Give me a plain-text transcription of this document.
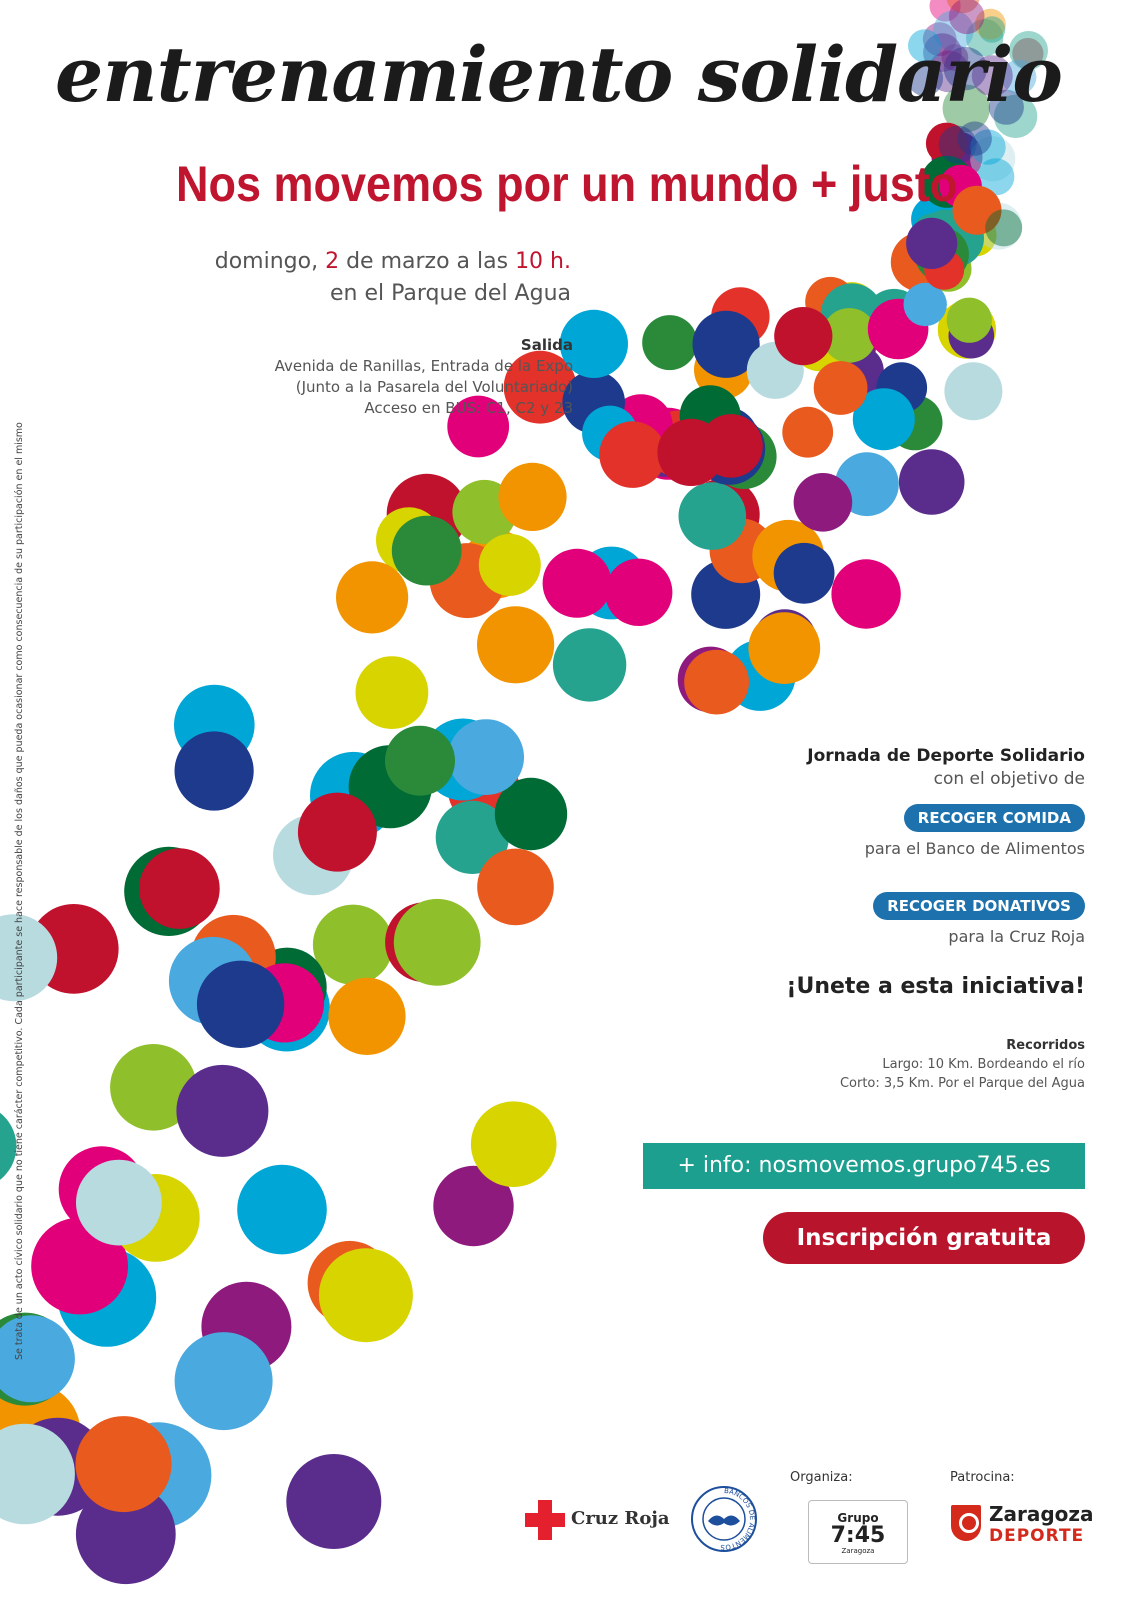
entrenamiento solidario
Nos movemos por un mundo + justo
domingo, 2 de marzo a las 10 h.
en el Parque del Agua
Salida
Avenida de Ranillas, Entrada de la Expo
(Junto a la Pasarela del Voluntariado)
Acceso en BUS: C1, C2 y 23
Jornada de Deporte Solidario
con el objetivo de
RECOGER COMIDA
para el Banco de Alimentos
RECOGER DONATIVOS
para la Cruz Roja
¡Unete a esta iniciativa!
Recorridos
Largo: 10 Km. Bordeando el río
Corto: 3,5 Km. Por el Parque del Agua
+ info: nosmovemos.grupo745.es
Inscripción gratuita
Se trata de un acto cívico solidario que no tiene carácter competitivo. Cada participante se hace responsable de los daños que pueda ocasionar como consecuencia de su participación en el mismo
Cruz Roja
BANCOS DE ALIMENTOS
Organiza:
Grupo
7:45
Zaragoza
Patrocina:
Zaragoza
DEPORTE
